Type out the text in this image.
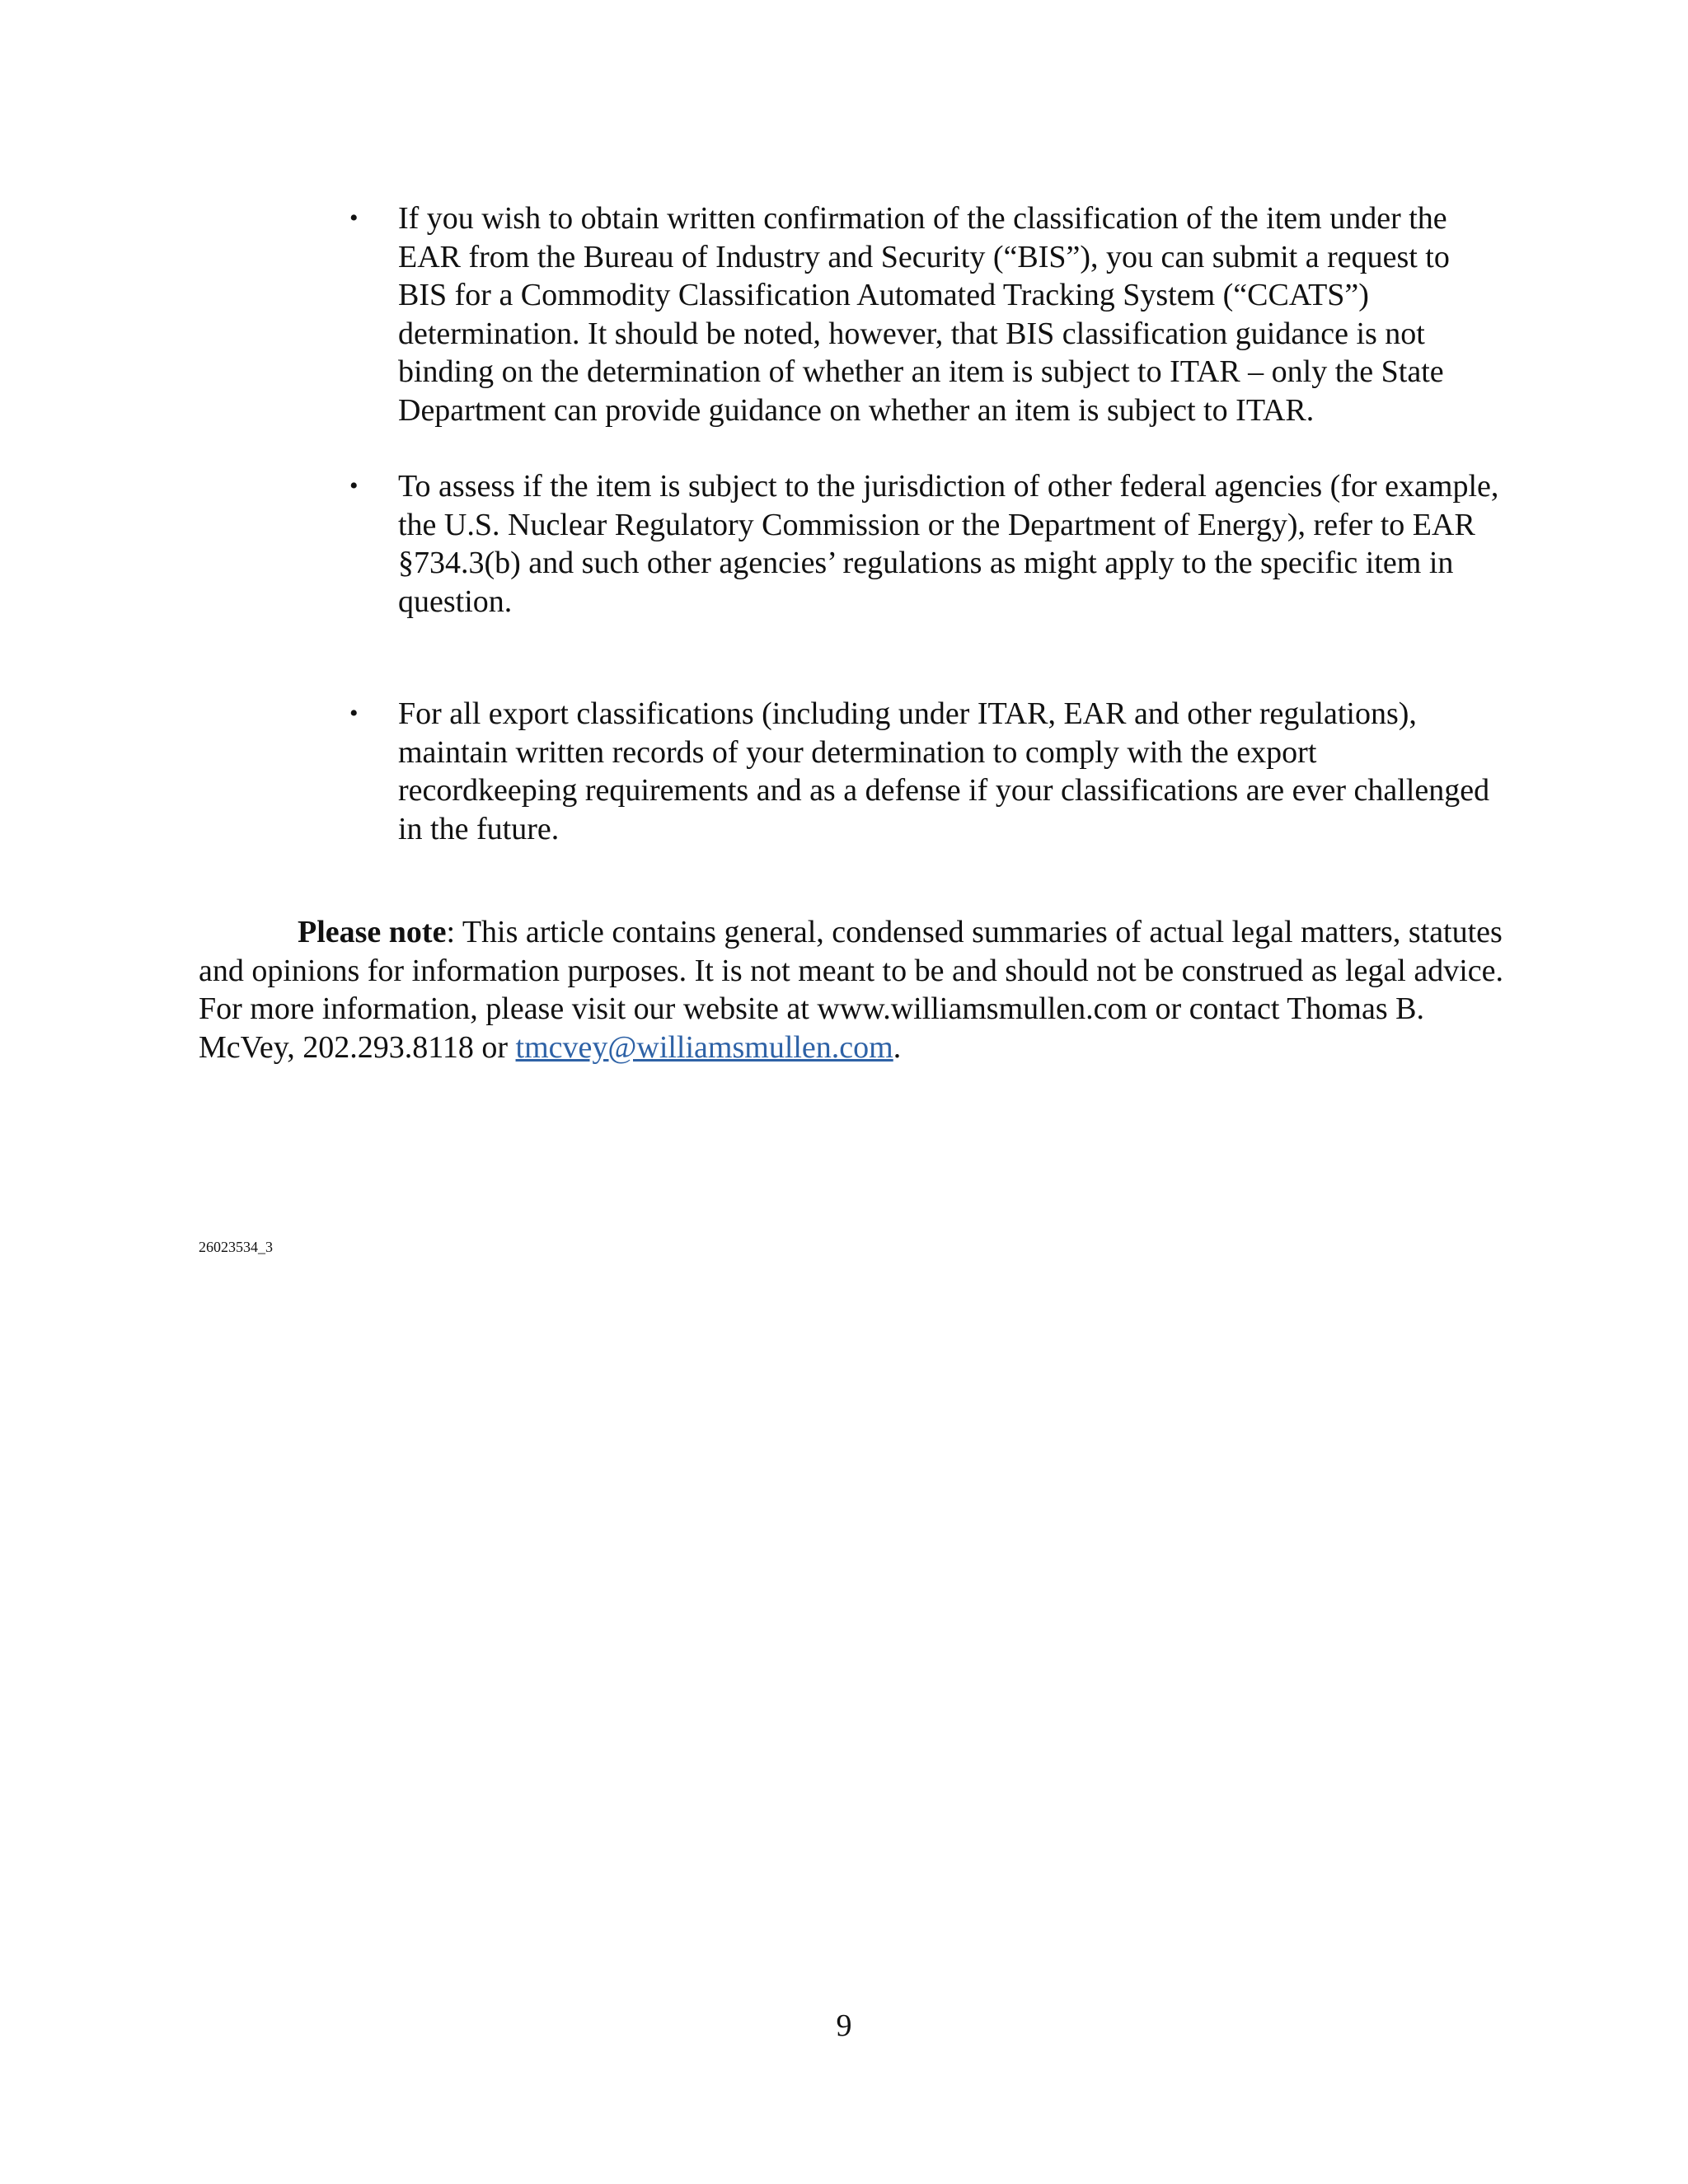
• If you wish to obtain written confirmation of the classification of the item under the EAR from the Bureau of Industry and Security (“BIS”), you can submit a request to BIS for a Commodity Classification Automated Tracking System (“CCATS”) determination. It should be noted, however, that BIS classification guidance is not binding on the determination of whether an item is subject to ITAR – only the State Department can provide guidance on whether an item is subject to ITAR.
• To assess if the item is subject to the jurisdiction of other federal agencies (for example, the U.S. Nuclear Regulatory Commission or the Department of Energy), refer to EAR §734.3(b) and such other agencies’ regulations as might apply to the specific item in question.
• For all export classifications (including under ITAR, EAR and other regulations), maintain written records of your determination to comply with the export recordkeeping requirements and as a defense if your classifications are ever challenged in the future.

Please note: This article contains general, condensed summaries of actual legal matters, statutes and opinions for information purposes. It is not meant to be and should not be construed as legal advice. For more information, please visit our website at www.williamsmullen.com or contact Thomas B. McVey, 202.293.8118 or tmcvey@williamsmullen.com.

26023534_3
9
